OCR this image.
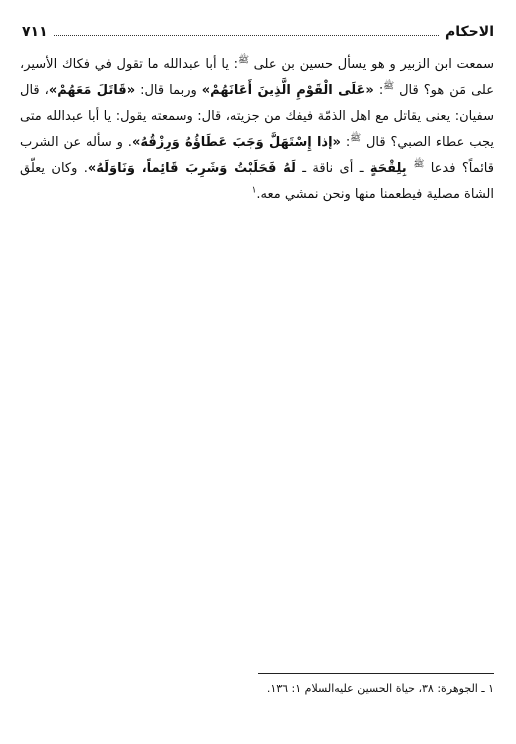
الاحكام
٧١١

سمعت ابن الزبير و هو يسأل حسين بن على $^ﷺ$: يا أبا عبدالله ما تقول في فكاك الأسير، على مَن هو؟ قال $^ﷺ$: «عَلَى الْقَوْمِ الَّذِينَ أَعَانَهُمْ» وربما قال: «قَاتَلَ مَعَهُمْ»، قال سفيان: يعنى يقاتل مع اهل الذمّة فيفك من جزيته، قال: وسمعته يقول: يا أبا عبدالله متى يجب عطاء الصبي؟ قال $^ﷺ$: «إذا إِسْتَهَلَّ وَجَبَ عَطَاؤُهُ وَرِزْقُهُ». و سأله عن الشرب قائماً؟ فدعا $^ﷺ$ بِلِقْحَةٍ ـ أى ناقة ـ لَهُ فَحَلَبْتُ وَشَرِبَ قَائِماً، وَنَاوَلَهُ». وكان يعلّق الشاة مصلية فيطعمنا منها ونحن نمشي معه.$^١$

١ ـ الجوهرة: ٣٨، حياة الحسين عليه‌السلام ١: ١٣٦.
